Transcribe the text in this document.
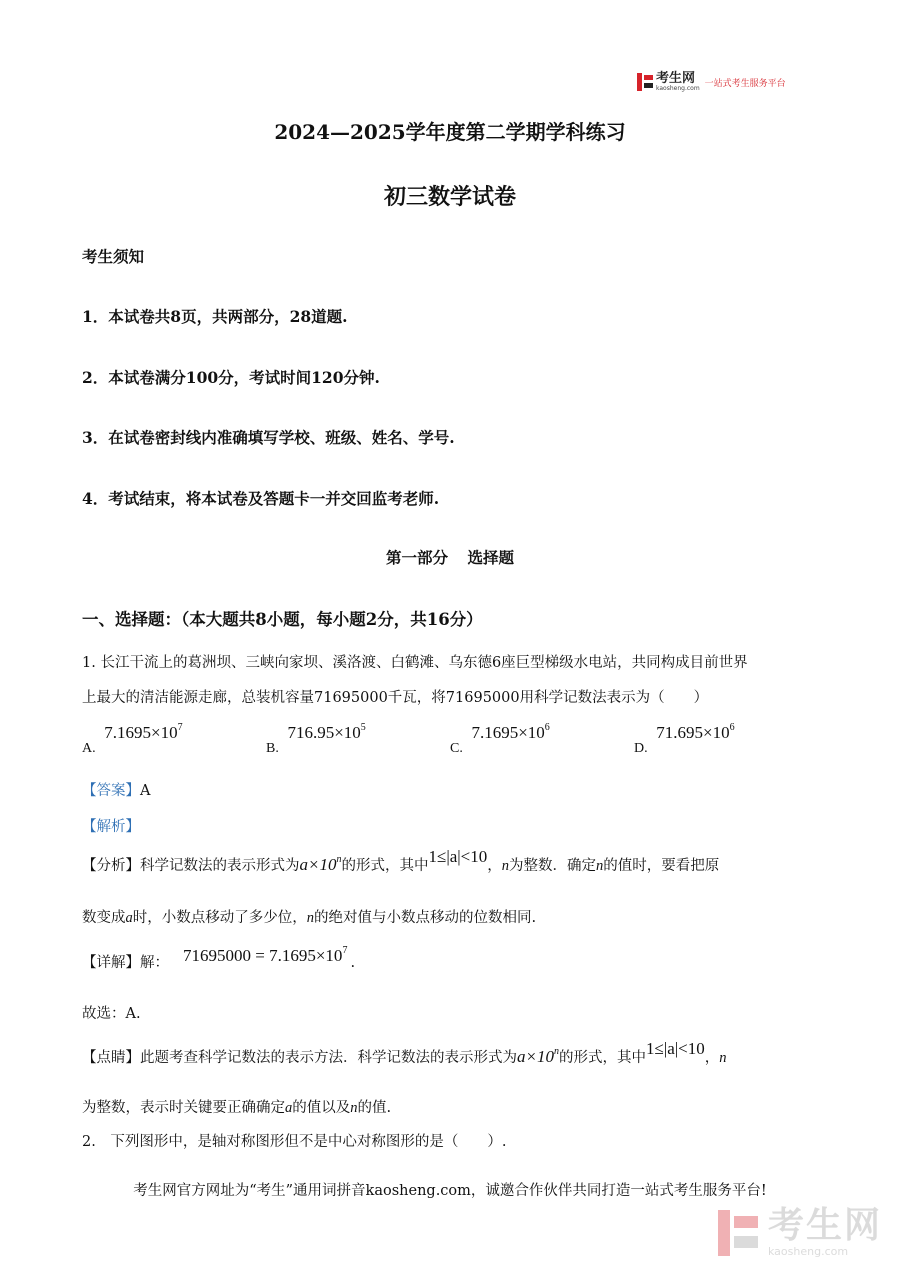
考生网
kaosheng.com 一站式考生服务平台
2024—2025学年度第二学期学科练习
初三数学试卷
考生须知
1．本试卷共8页，共两部分，28道题.
2．本试卷满分100分，考试时间120分钟.
3．在试卷密封线内准确填写学校、班级、姓名、学号.
4．考试结束，将本试卷及答题卡一并交回监考老师.
第一部分 选择题
一、选择题：（本大题共8小题，每小题2分，共16分）
1. 长江干流上的葛洲坝、三峡向家坝、溪洛渡、白鹤滩、乌东德6座巨型梯级水电站，共同构成目前世界
上最大的清洁能源走廊，总装机容量71695000千瓦，将71695000用科学记数法表示为（　　）
A. $7.1695\times 10^7$
B. $716.95\times 10^5$
C. $7.1695\times 10^6$
D. $71.695\times 10^6$
【答案】 A
【解析】
【分析】 科学记数法的表示形式为 $a\times 10^n$ 的形式，其中 1≤|a|<10 ， n 为整数．确定 n 的值时，要看把原
数变成 a 时，小数点移动了多少位， n 的绝对值与小数点移动的位数相同.
【详解】 解： $71695000 = 7.1695\times 10^7$
.
故选：A.
【点睛】 此题考查科学记数法的表示方法．科学记数法的表示形式为 $a\times 10^n$ 的形式，其中 1≤|a|<10 ， n
为整数，表示时关键要正确确定 a 的值以及 n 的值.
2.　下列图形中，是轴对称图形但不是中心对称图形的是（　　）.
考生网官方网址为“考生”通用词拼音kaosheng.com，诚邀合作伙伴共同打造一站式考生服务平台!
考生网
kaosheng.com
